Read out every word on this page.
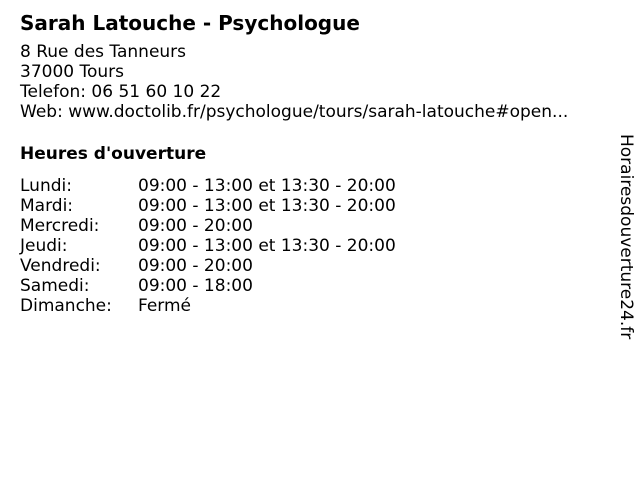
Sarah Latouche - Psychologue
8 Rue des Tanneurs
37000 Tours
Telefon: 06 51 60 10 22
Web: www.doctolib.fr/psychologue/tours/sarah-latouche#open...
Heures d'ouverture
Lundi:	09:00 - 13:00 et 13:30 - 20:00
Mardi:	09:00 - 13:00 et 13:30 - 20:00
Mercredi:	09:00 - 20:00
Jeudi:	09:00 - 13:00 et 13:30 - 20:00
Vendredi:	09:00 - 20:00
Samedi:	09:00 - 18:00
Dimanche:	Fermé	Horairesdouverture24.fr
